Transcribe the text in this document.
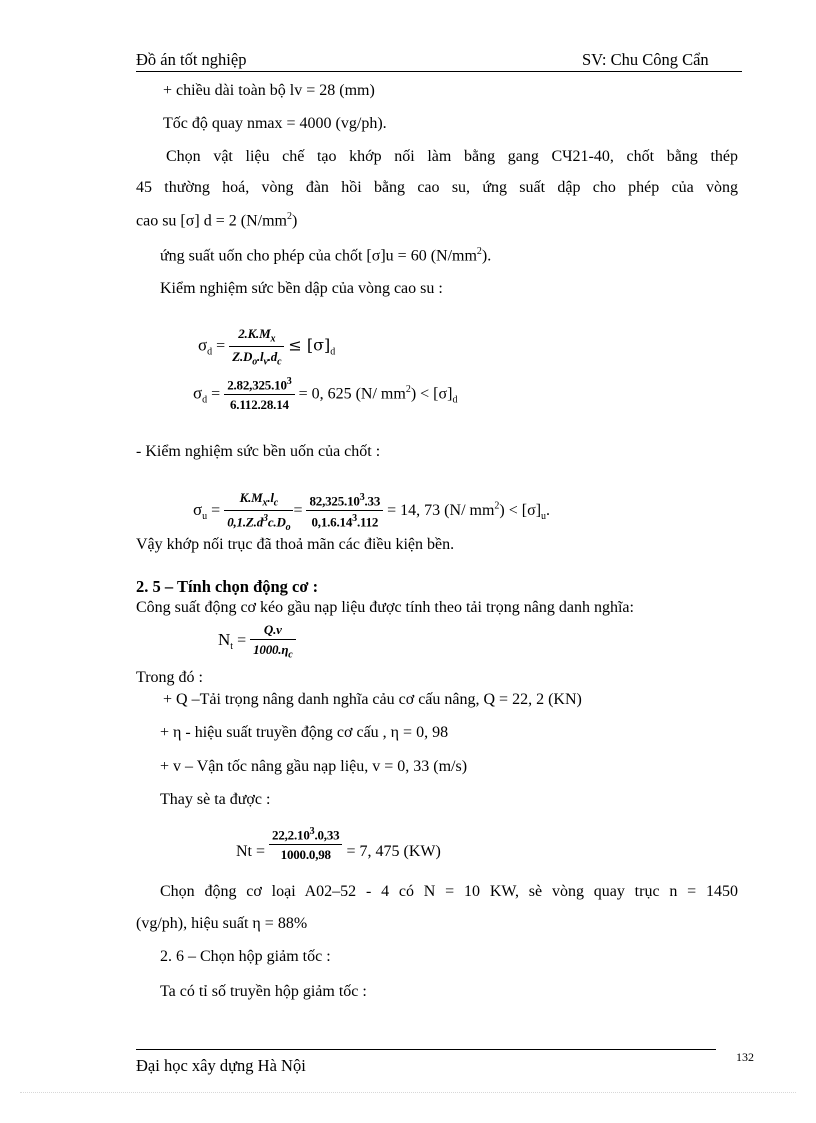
Đồ án tốt nghiệp	SV: Chu Công Cẩn
+ chiều dài toàn bộ lv = 28 (mm)
Tốc độ quay nmax = 4000 (vg/ph).
Chọn vật liệu chế tạo khớp nối làm bằng gang CЧ21-40, chốt bằng thép
45 thường hoá, vòng đàn hồi bằng cao su, ứng suất dập cho phép của vòng
cao su [σ] d = 2 $(N/mm^2)$
ứng suất uốn cho phép của chốt [σ]u = 60 $(N/mm^2)$.
Kiểm nghiệm sức bền dập của vòng cao su :
$\sigma_d = \frac{2.K.M_x}{Z.D_o.l_v.d_c} \le [\sigma]_d$
$\sigma_d = \frac{2.82,325.10^3}{6.112.28.14} = 0$, 625 (N/ $mm^2) < [\sigma]_d$
- Kiểm nghiệm sức bền uốn của chốt :
$\sigma_u = \frac{K.M_x.l_c}{0,1.Z.d^3c.D_o} = \frac{82,325.10^3.33}{0,1.6.14^3.112} = 14$, 73 (N/ $mm^2) < [\sigma]_u$.
Vậy khớp nối trục đã thoả mãn các điều kiện bền.
2. 5 – Tính chọn động cơ :
Công suất động cơ kéo gầu nạp liệu được tính theo tải trọng nâng danh nghĩa:
$N_t = \frac{Q.v}{1000.\eta_c}$
Trong đó :
+ Q –Tải trọng nâng danh nghĩa cảu cơ cấu nâng, Q = 22, 2 (KN)
+ η - hiệu suất truyền động cơ cấu , η = 0, 98
+ v – Vận tốc nâng gầu nạp liệu, v = 0, 33 (m/s)
Thay sè ta được :
$Nt = \frac{22,2.10^3.0,33}{1000.0,98} = 7$, 475 (KW)
Chọn động cơ loại A02–52 - 4 có N = 10 KW, sè vòng quay trục n = 1450
(vg/ph), hiệu suất η = 88%
2. 6 – Chọn hộp giảm tốc :
Ta có tỉ số truyền hộp giảm tốc :
Đại học xây dựng Hà Nội	132
